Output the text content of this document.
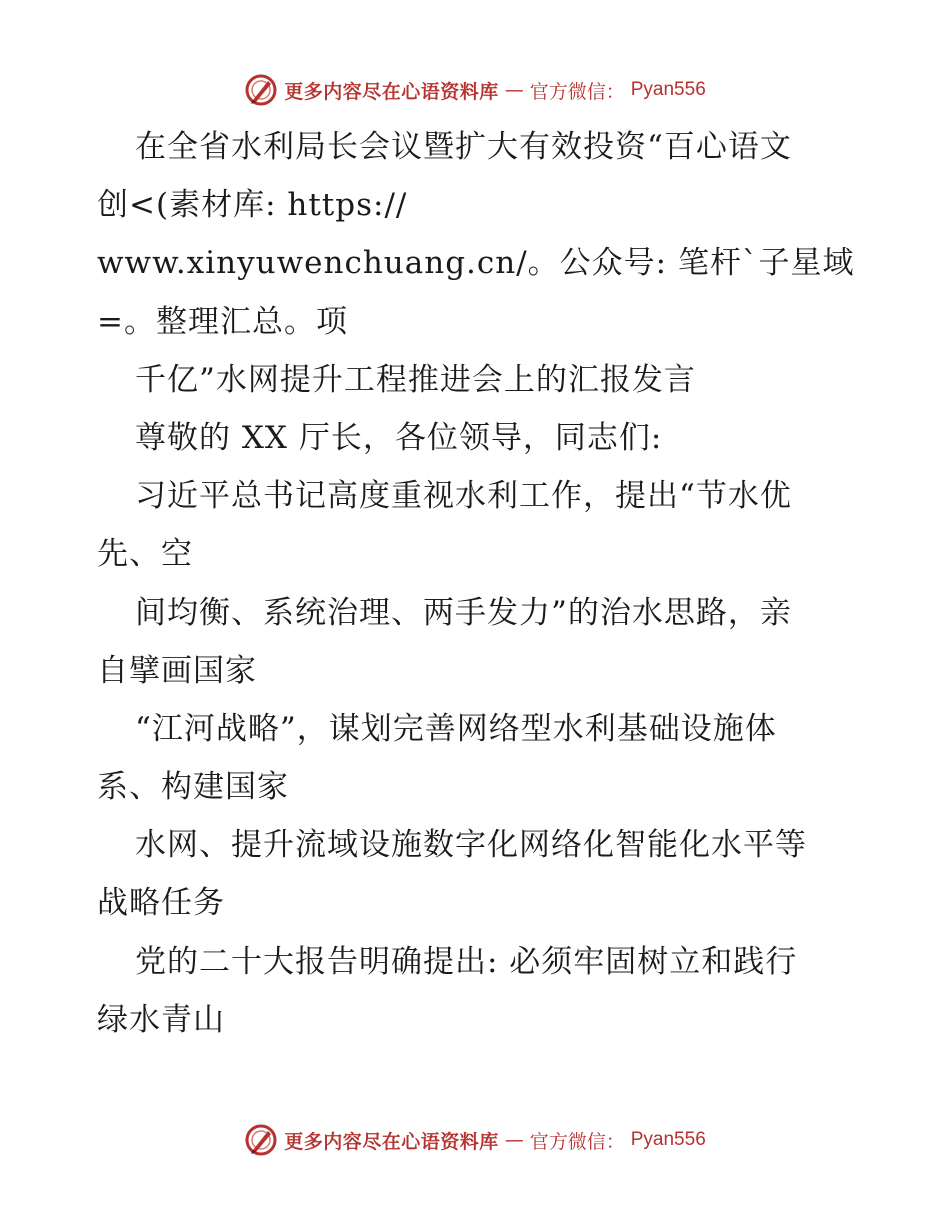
更多内容尽在心语资料库 — 官方微信： Pyan556
在全省水利局长会议暨扩大有效投资“百心语文
创<(素材库: https://
www.xinyuwenchuang.cn/。公众号: 笔杆`子星域
=。整理汇总。项
千亿”水网提升工程推进会上的汇报发言
尊敬的 XX 厅长，各位领导，同志们:
习近平总书记高度重视水利工作，提出“节水优
先、空
间均衡、系统治理、两手发力”的治水思路，亲
自擘画国家
“江河战略”，谋划完善网络型水利基础设施体
系、构建国家
水网、提升流域设施数字化网络化智能化水平等
战略任务
党的二十大报告明确提出: 必须牢固树立和践行
绿水青山
更多内容尽在心语资料库 — 官方微信： Pyan556
